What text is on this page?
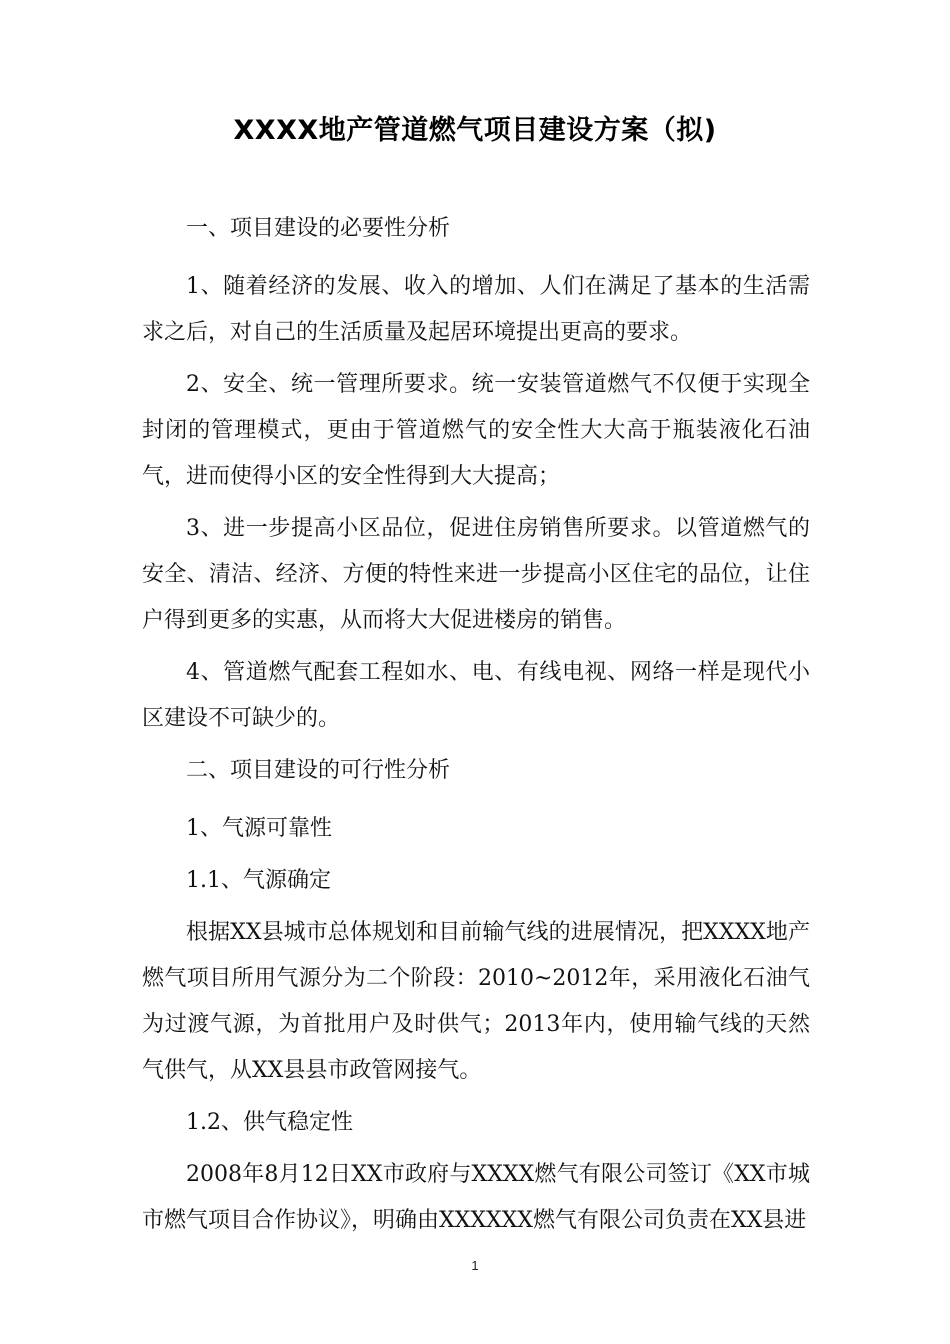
XXXX地产管道燃气项目建设方案（拟)

一、项目建设的必要性分析

1、随着经济的发展、收入的增加、人们在满足了基本的生活需求之后，对自己的生活质量及起居环境提出更高的要求。

2、安全、统一管理所要求。统一安装管道燃气不仅便于实现全封闭的管理模式，更由于管道燃气的安全性大大高于瓶装液化石油气，进而使得小区的安全性得到大大提高；

3、进一步提高小区品位，促进住房销售所要求。以管道燃气的安全、清洁、经济、方便的特性来进一步提高小区住宅的品位，让住户得到更多的实惠，从而将大大促进楼房的销售。

4、管道燃气配套工程如水、电、有线电视、网络一样是现代小区建设不可缺少的。

二、项目建设的可行性分析

1、气源可靠性

1.1、气源确定

根据XX县城市总体规划和目前输气线的进展情况，把XXXX地产燃气项目所用气源分为二个阶段：2010~2012年，采用液化石油气为过渡气源，为首批用户及时供气；2013年内，使用输气线的天然气供气，从XX县县市政管网接气。

1.2、供气稳定性

2008年8月12日XX市政府与XXXX燃气有限公司签订《XX市城市燃气项目合作协议》，明确由XXXXXX燃气有限公司负责在XX县进

1
